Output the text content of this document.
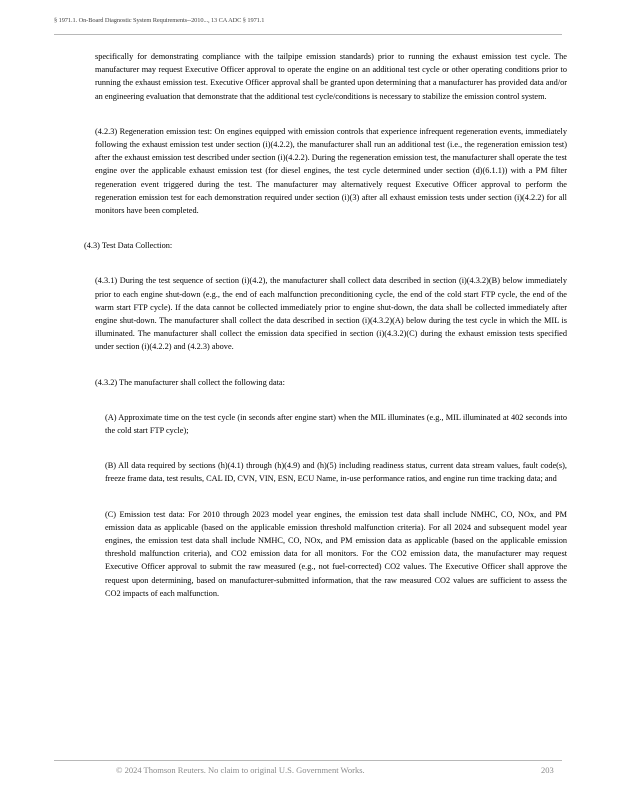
§ 1971.1. On-Board Diagnostic System Requirements--2010..., 13 CA ADC § 1971.1

specifically for demonstrating compliance with the tailpipe emission standards) prior to running the exhaust emission test cycle. The manufacturer may request Executive Officer approval to operate the engine on an additional test cycle or other operating conditions prior to running the exhaust emission test. Executive Officer approval shall be granted upon determining that a manufacturer has provided data and/or an engineering evaluation that demonstrate that the additional test cycle/conditions is necessary to stabilize the emission control system.

(4.2.3) Regeneration emission test: On engines equipped with emission controls that experience infrequent regeneration events, immediately following the exhaust emission test under section (i)(4.2.2), the manufacturer shall run an additional test (i.e., the regeneration emission test) after the exhaust emission test described under section (i)(4.2.2). During the regeneration emission test, the manufacturer shall operate the test engine over the applicable exhaust emission test (for diesel engines, the test cycle determined under section (d)(6.1.1)) with a PM filter regeneration event triggered during the test. The manufacturer may alternatively request Executive Officer approval to perform the regeneration emission test for each demonstration required under section (i)(3) after all exhaust emission tests under section (i)(4.2.2) for all monitors have been completed.

(4.3) Test Data Collection:

(4.3.1) During the test sequence of section (i)(4.2), the manufacturer shall collect data described in section (i)(4.3.2)(B) below immediately prior to each engine shut-down (e.g., the end of each malfunction preconditioning cycle, the end of the cold start FTP cycle, the end of the warm start FTP cycle). If the data cannot be collected immediately prior to engine shut-down, the data shall be collected immediately after engine shut-down. The manufacturer shall collect the data described in section (i)(4.3.2)(A) below during the test cycle in which the MIL is illuminated. The manufacturer shall collect the emission data specified in section (i)(4.3.2)(C) during the exhaust emission tests specified under section (i)(4.2.2) and (4.2.3) above.

(4.3.2) The manufacturer shall collect the following data:

(A) Approximate time on the test cycle (in seconds after engine start) when the MIL illuminates (e.g., MIL illuminated at 402 seconds into the cold start FTP cycle);

(B) All data required by sections (h)(4.1) through (h)(4.9) and (h)(5) including readiness status, current data stream values, fault code(s), freeze frame data, test results, CAL ID, CVN, VIN, ESN, ECU Name, in-use performance ratios, and engine run time tracking data; and

(C) Emission test data: For 2010 through 2023 model year engines, the emission test data shall include NMHC, CO, NOx, and PM emission data as applicable (based on the applicable emission threshold malfunction criteria). For all 2024 and subsequent model year engines, the emission test data shall include NMHC, CO, NOx, and PM emission data as applicable (based on the applicable emission threshold malfunction criteria), and CO2 emission data for all monitors. For the CO2 emission data, the manufacturer may request Executive Officer approval to submit the raw measured (e.g., not fuel-corrected) CO2 values. The Executive Officer shall approve the request upon determining, based on manufacturer-submitted information, that the raw measured CO2 values are sufficient to assess the CO2 impacts of each malfunction.

© 2024 Thomson Reuters. No claim to original U.S. Government Works.	203
